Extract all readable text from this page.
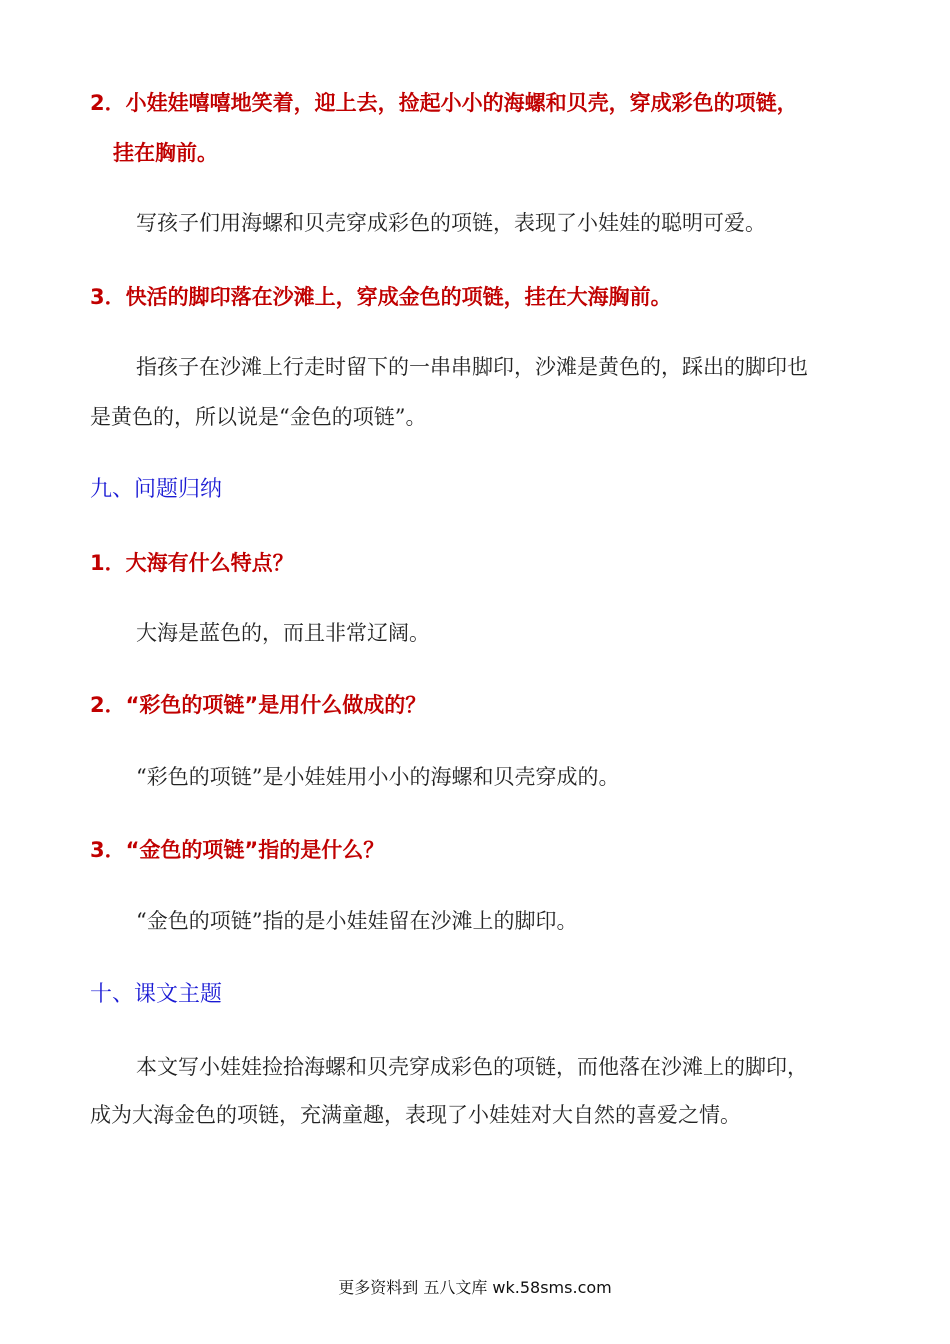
2．小娃娃嘻嘻地笑着，迎上去，捡起小小的海螺和贝壳，穿成彩色的项链，
挂在胸前。
写孩子们用海螺和贝壳穿成彩色的项链，表现了小娃娃的聪明可爱。
3．快活的脚印落在沙滩上，穿成金色的项链，挂在大海胸前。
指孩子在沙滩上行走时留下的一串串脚印，沙滩是黄色的，踩出的脚印也
是黄色的，所以说是“金色的项链”。
九、问题归纳
1．大海有什么特点？
大海是蓝色的，而且非常辽阔。
2．“彩色的项链”是用什么做成的？
“彩色的项链”是小娃娃用小小的海螺和贝壳穿成的。
3．“金色的项链”指的是什么？
“金色的项链”指的是小娃娃留在沙滩上的脚印。
十、课文主题
本文写小娃娃捡拾海螺和贝壳穿成彩色的项链，而他落在沙滩上的脚印，
成为大海金色的项链，充满童趣，表现了小娃娃对大自然的喜爱之情。
更多资料到 五八文库 wk.58sms.com
